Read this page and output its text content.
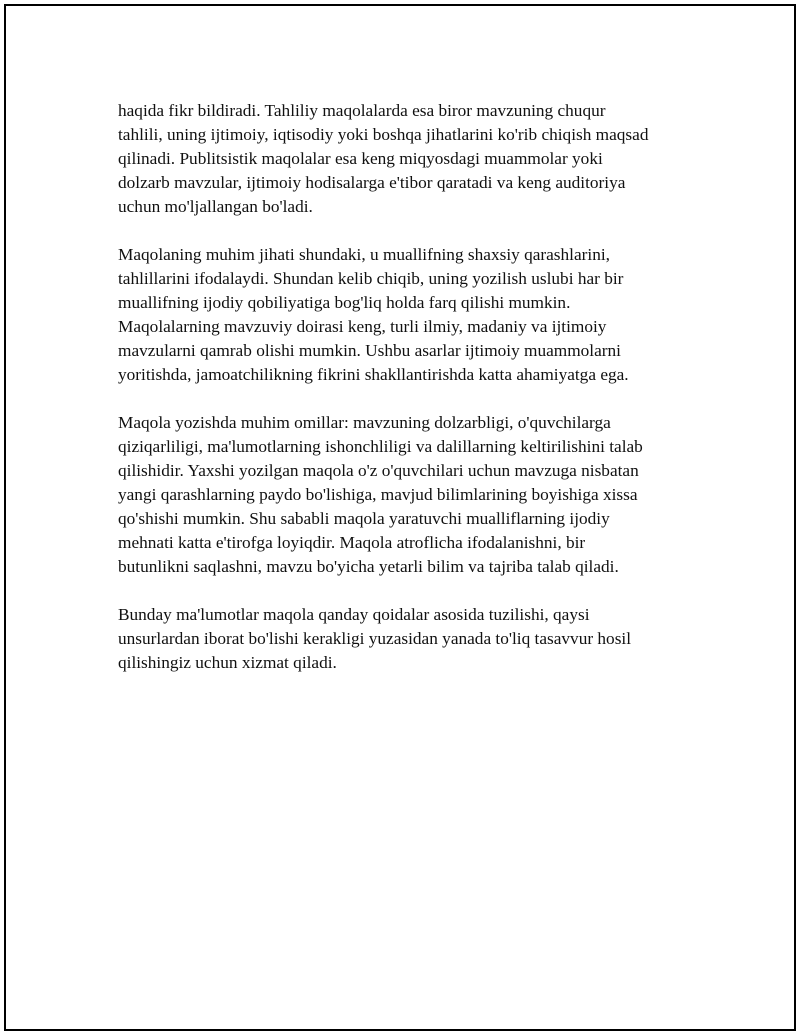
haqida fikr bildiradi. Tahliliy maqolalarda esa biror mavzuning chuqur
tahlili, uning ijtimoiy, iqtisodiy yoki boshqa jihatlarini ko'rib chiqish maqsad
qilinadi. Publitsistik maqolalar esa keng miqyosdagi muammolar yoki
dolzarb mavzular, ijtimoiy hodisalarga e'tibor qaratadi va keng auditoriya
uchun mo'ljallangan bo'ladi.

Maqolaning muhim jihati shundaki, u muallifning shaxsiy qarashlarini,
tahlillarini ifodalaydi. Shundan kelib chiqib, uning yozilish uslubi har bir
muallifning ijodiy qobiliyatiga bog'liq holda farq qilishi mumkin.
Maqolalarning mavzuviy doirasi keng, turli ilmiy, madaniy va ijtimoiy
mavzularni qamrab olishi mumkin. Ushbu asarlar ijtimoiy muammolarni
yoritishda, jamoatchilikning fikrini shakllantirishda katta ahamiyatga ega.

Maqola yozishda muhim omillar: mavzuning dolzarbligi, o'quvchilarga
qiziqarliligi, ma'lumotlarning ishonchliligi va dalillarning keltirilishini talab
qilishidir. Yaxshi yozilgan maqola o'z o'quvchilari uchun mavzuga nisbatan
yangi qarashlarning paydo bo'lishiga, mavjud bilimlarining boyishiga xissa
qo'shishi mumkin. Shu sababli maqola yaratuvchi mualliflarning ijodiy
mehnati katta e'tirofga loyiqdir. Maqola atroflicha ifodalanishni, bir
butunlikni saqlashni, mavzu bo'yicha yetarli bilim va tajriba talab qiladi.

Bunday ma'lumotlar maqola qanday qoidalar asosida tuzilishi, qaysi
unsurlardan iborat bo'lishi kerakligi yuzasidan yanada to'liq tasavvur hosil
qilishingiz uchun xizmat qiladi.
